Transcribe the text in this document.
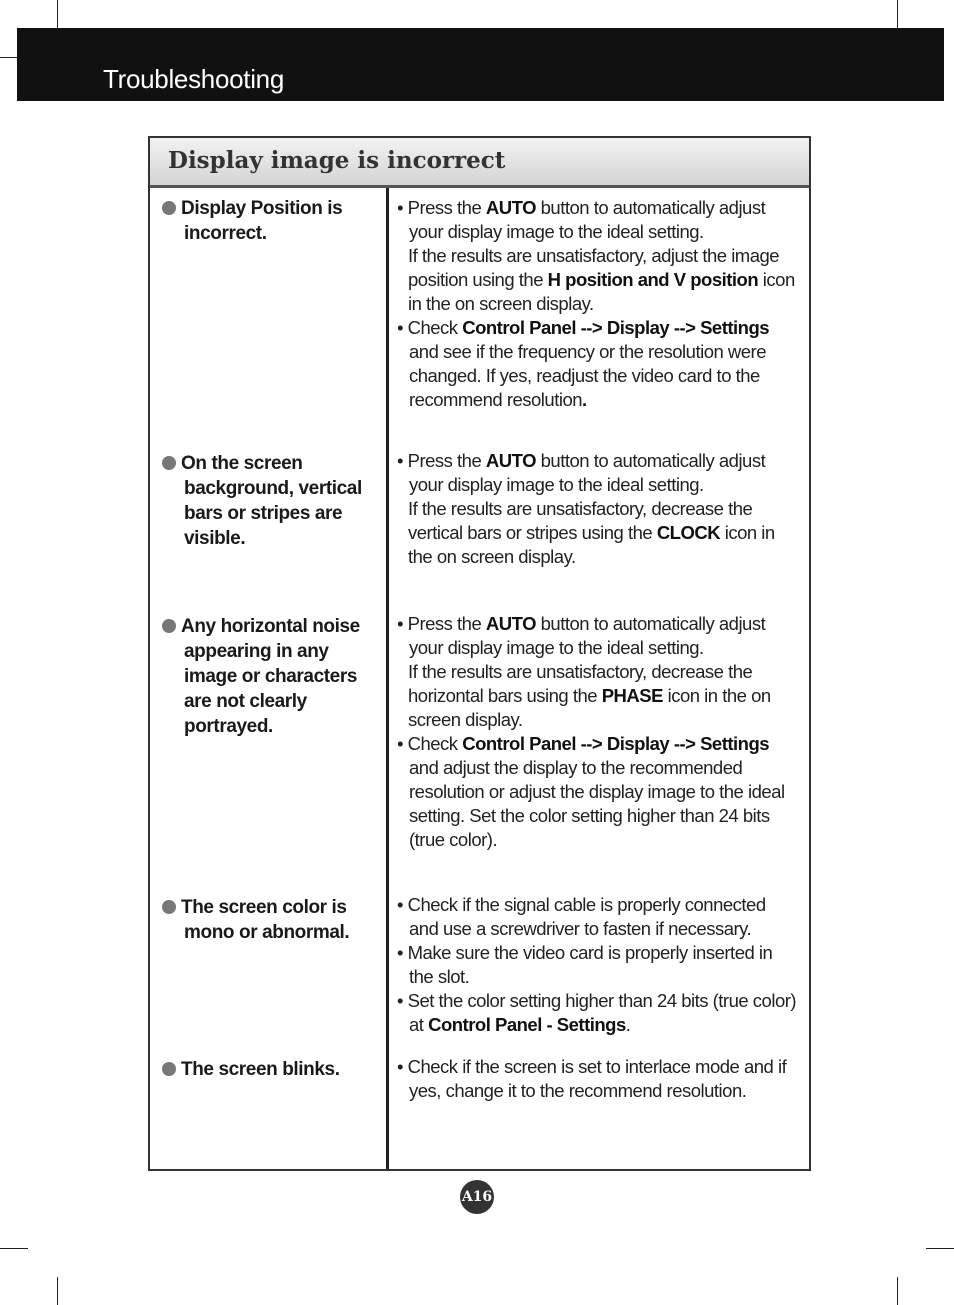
Troubleshooting
Display image is incorrect
Display Position is
incorrect.
• Press the AUTO button to automatically adjust
your display image to the ideal setting.
If the results are unsatisfactory, adjust the image
position using the H position and V position icon
in the on screen display.
• Check Control Panel --> Display --> Settings
and see if the frequency or the resolution were
changed. If yes, readjust the video card to the
recommend resolution.
On the screen
background, vertical
bars or stripes are
visible.
• Press the AUTO button to automatically adjust
your display image to the ideal setting.
If the results are unsatisfactory, decrease the
vertical bars or stripes using the CLOCK icon in
the on screen display.
Any horizontal noise
appearing in any
image or characters
are not clearly
portrayed.
• Press the AUTO button to automatically adjust
your display image to the ideal setting.
If the results are unsatisfactory, decrease the
horizontal bars using the PHASE icon in the on
screen display.
• Check Control Panel --> Display --> Settings
and adjust the display to the recommended
resolution or adjust the display image to the ideal
setting. Set the color setting higher than 24 bits
(true color).
The screen color is
mono or abnormal.
• Check if the signal cable is properly connected
and use a screwdriver to fasten if necessary.
• Make sure the video card is properly inserted in
the slot.
• Set the color setting higher than 24 bits (true color)
at Control Panel - Settings.
The screen blinks.	• Check if the screen is set to interlace mode and if
yes, change it to the recommend resolution.
A16
